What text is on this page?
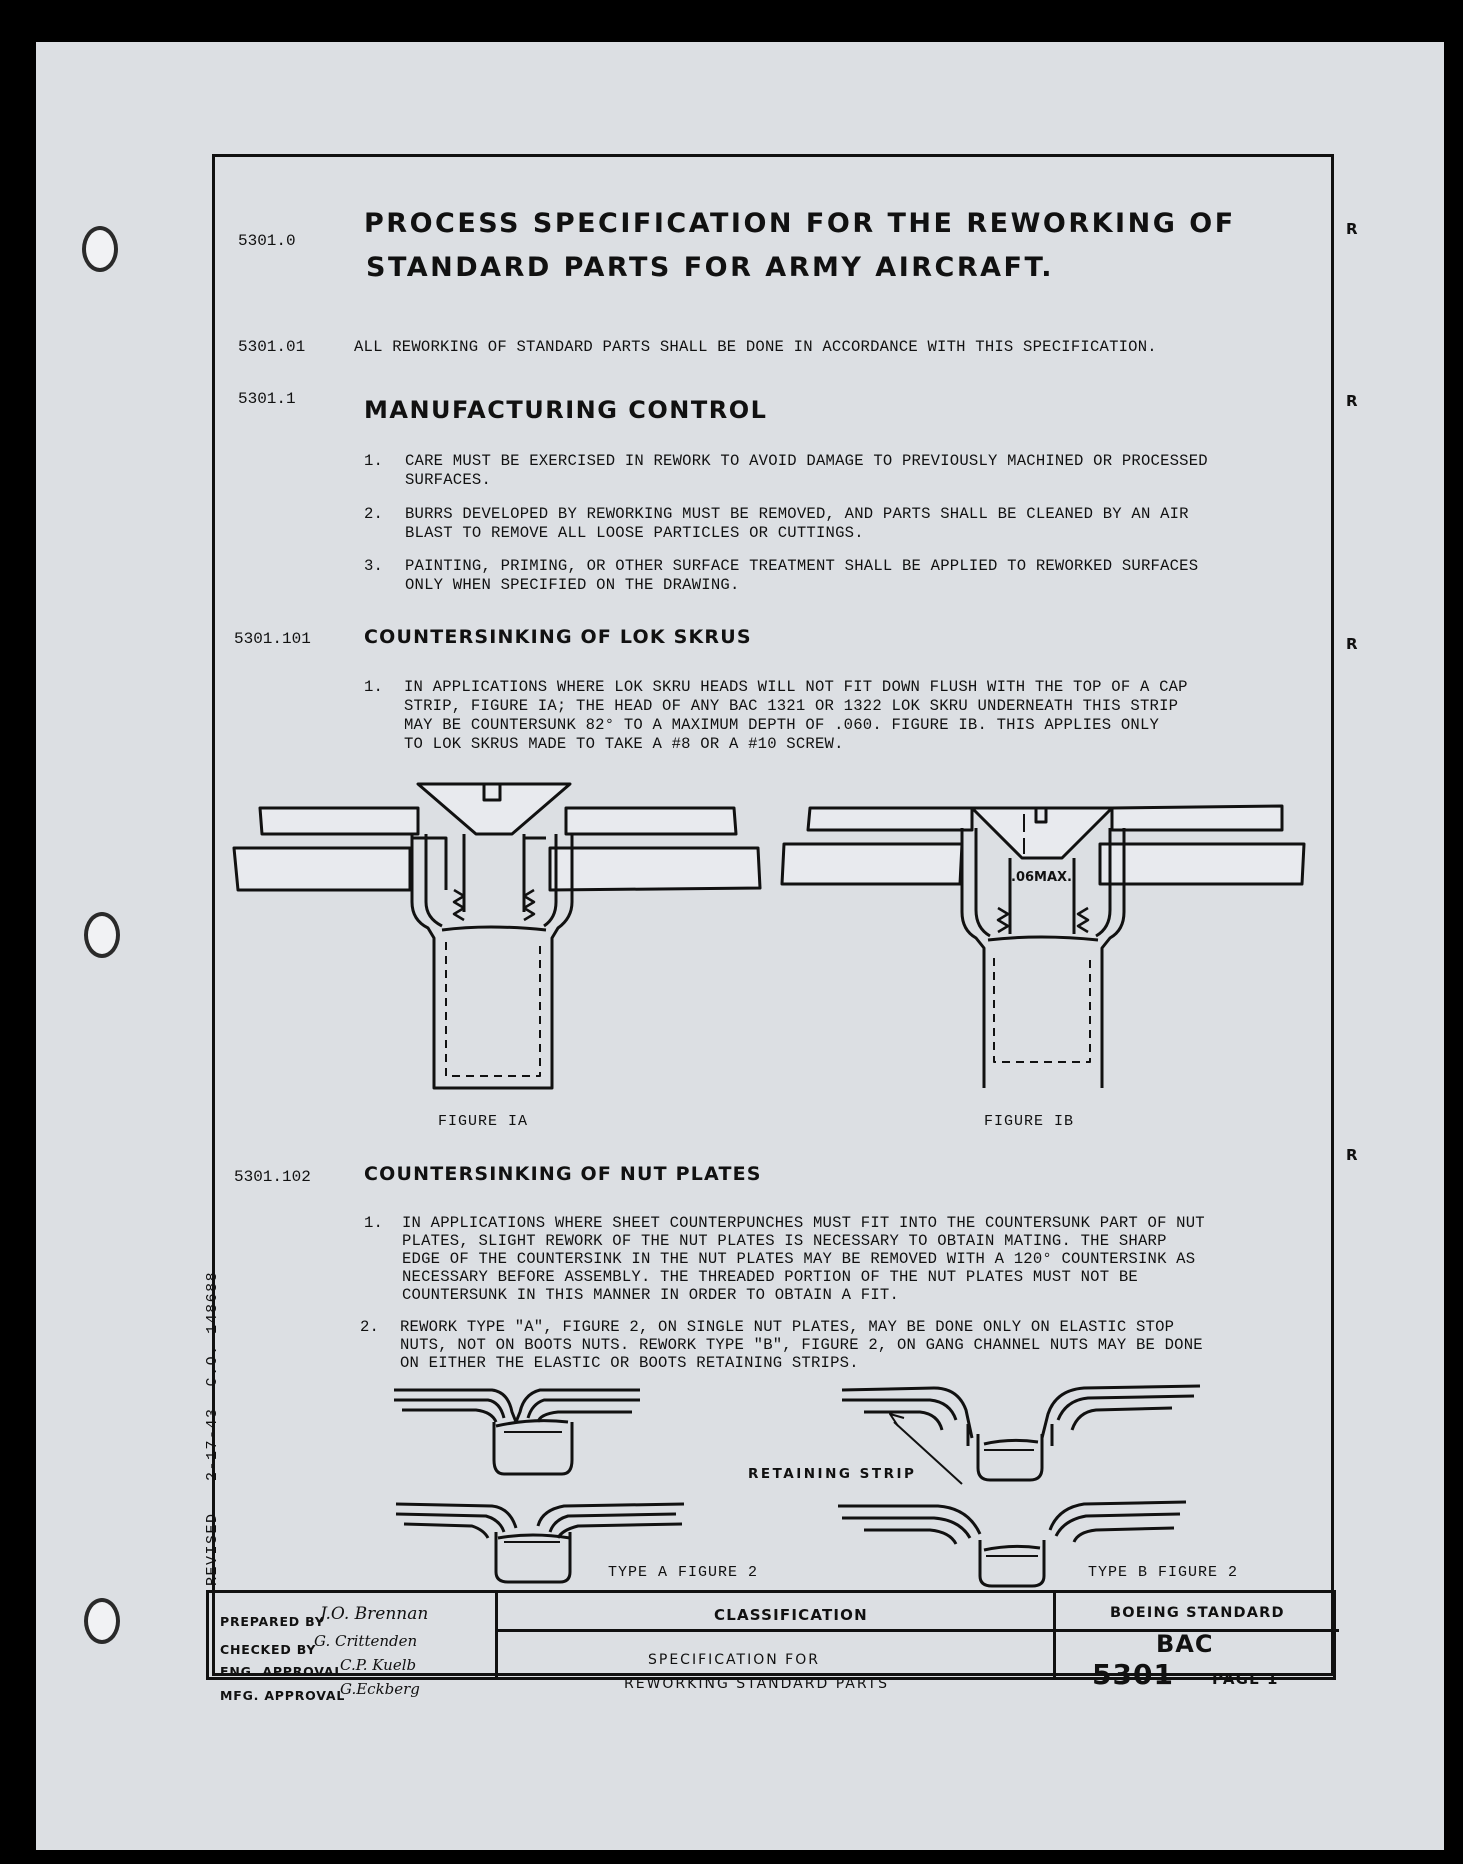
5301.0
PROCESS SPECIFICATION FOR THE REWORKING OF
STANDARD PARTS FOR ARMY AIRCRAFT.
R
R
R
R
5301.01	ALL REWORKING OF STANDARD PARTS SHALL BE DONE IN ACCORDANCE WITH THIS SPECIFICATION.
5301.1	MANUFACTURING CONTROL
1. CARE MUST BE EXERCISED IN REWORK TO AVOID DAMAGE TO PREVIOUSLY MACHINED OR PROCESSED
SURFACES.
2. BURRS DEVELOPED BY REWORKING MUST BE REMOVED, AND PARTS SHALL BE CLEANED BY AN AIR
BLAST TO REMOVE ALL LOOSE PARTICLES OR CUTTINGS.
3. PAINTING, PRIMING, OR OTHER SURFACE TREATMENT SHALL BE APPLIED TO REWORKED SURFACES
ONLY WHEN SPECIFIED ON THE DRAWING.
5301.101	COUNTERSINKING OF LOK SKRUS
1. IN APPLICATIONS WHERE LOK SKRU HEADS WILL NOT FIT DOWN FLUSH WITH THE TOP OF A CAP
STRIP, FIGURE IA; THE HEAD OF ANY BAC 1321 OR 1322 LOK SKRU UNDERNEATH THIS STRIP
MAY BE COUNTERSUNK 82° TO A MAXIMUM DEPTH OF .060. FIGURE IB. THIS APPLIES ONLY
TO LOK SKRUS MADE TO TAKE A #8 OR A #10 SCREW.
FIGURE IA
.06MAX.
FIGURE IB
5301.102	COUNTERSINKING OF NUT PLATES
1. IN APPLICATIONS WHERE SHEET COUNTERPUNCHES MUST FIT INTO THE COUNTERSUNK PART OF NUT
PLATES, SLIGHT REWORK OF THE NUT PLATES IS NECESSARY TO OBTAIN MATING. THE SHARP
EDGE OF THE COUNTERSINK IN THE NUT PLATES MAY BE REMOVED WITH A 120° COUNTERSINK AS
NECESSARY BEFORE ASSEMBLY. THE THREADED PORTION OF THE NUT PLATES MUST NOT BE
COUNTERSUNK IN THIS MANNER IN ORDER TO OBTAIN A FIT.
2. REWORK TYPE "A", FIGURE 2, ON SINGLE NUT PLATES, MAY BE DONE ONLY ON ELASTIC STOP
NUTS, NOT ON BOOTS NUTS. REWORK TYPE "B", FIGURE 2, ON GANG CHANNEL NUTS MAY BE DONE
ON EITHER THE ELASTIC OR BOOTS RETAINING STRIPS.
TYPE A FIGURE 2
RETAINING STRIP
TYPE B FIGURE 2
REVISED   2-17-43  C.O. 148688
PREPARED BY
J.O. Brennan
CHECKED BY
G. Crittenden
ENG. APPROVAL
C.P. Kuelb
MFG. APPROVAL
G.Eckberg
CLASSIFICATION
SPECIFICATION FOR
REWORKING STANDARD PARTS
BOEING STANDARD
BAC
5301	PAGE 1
